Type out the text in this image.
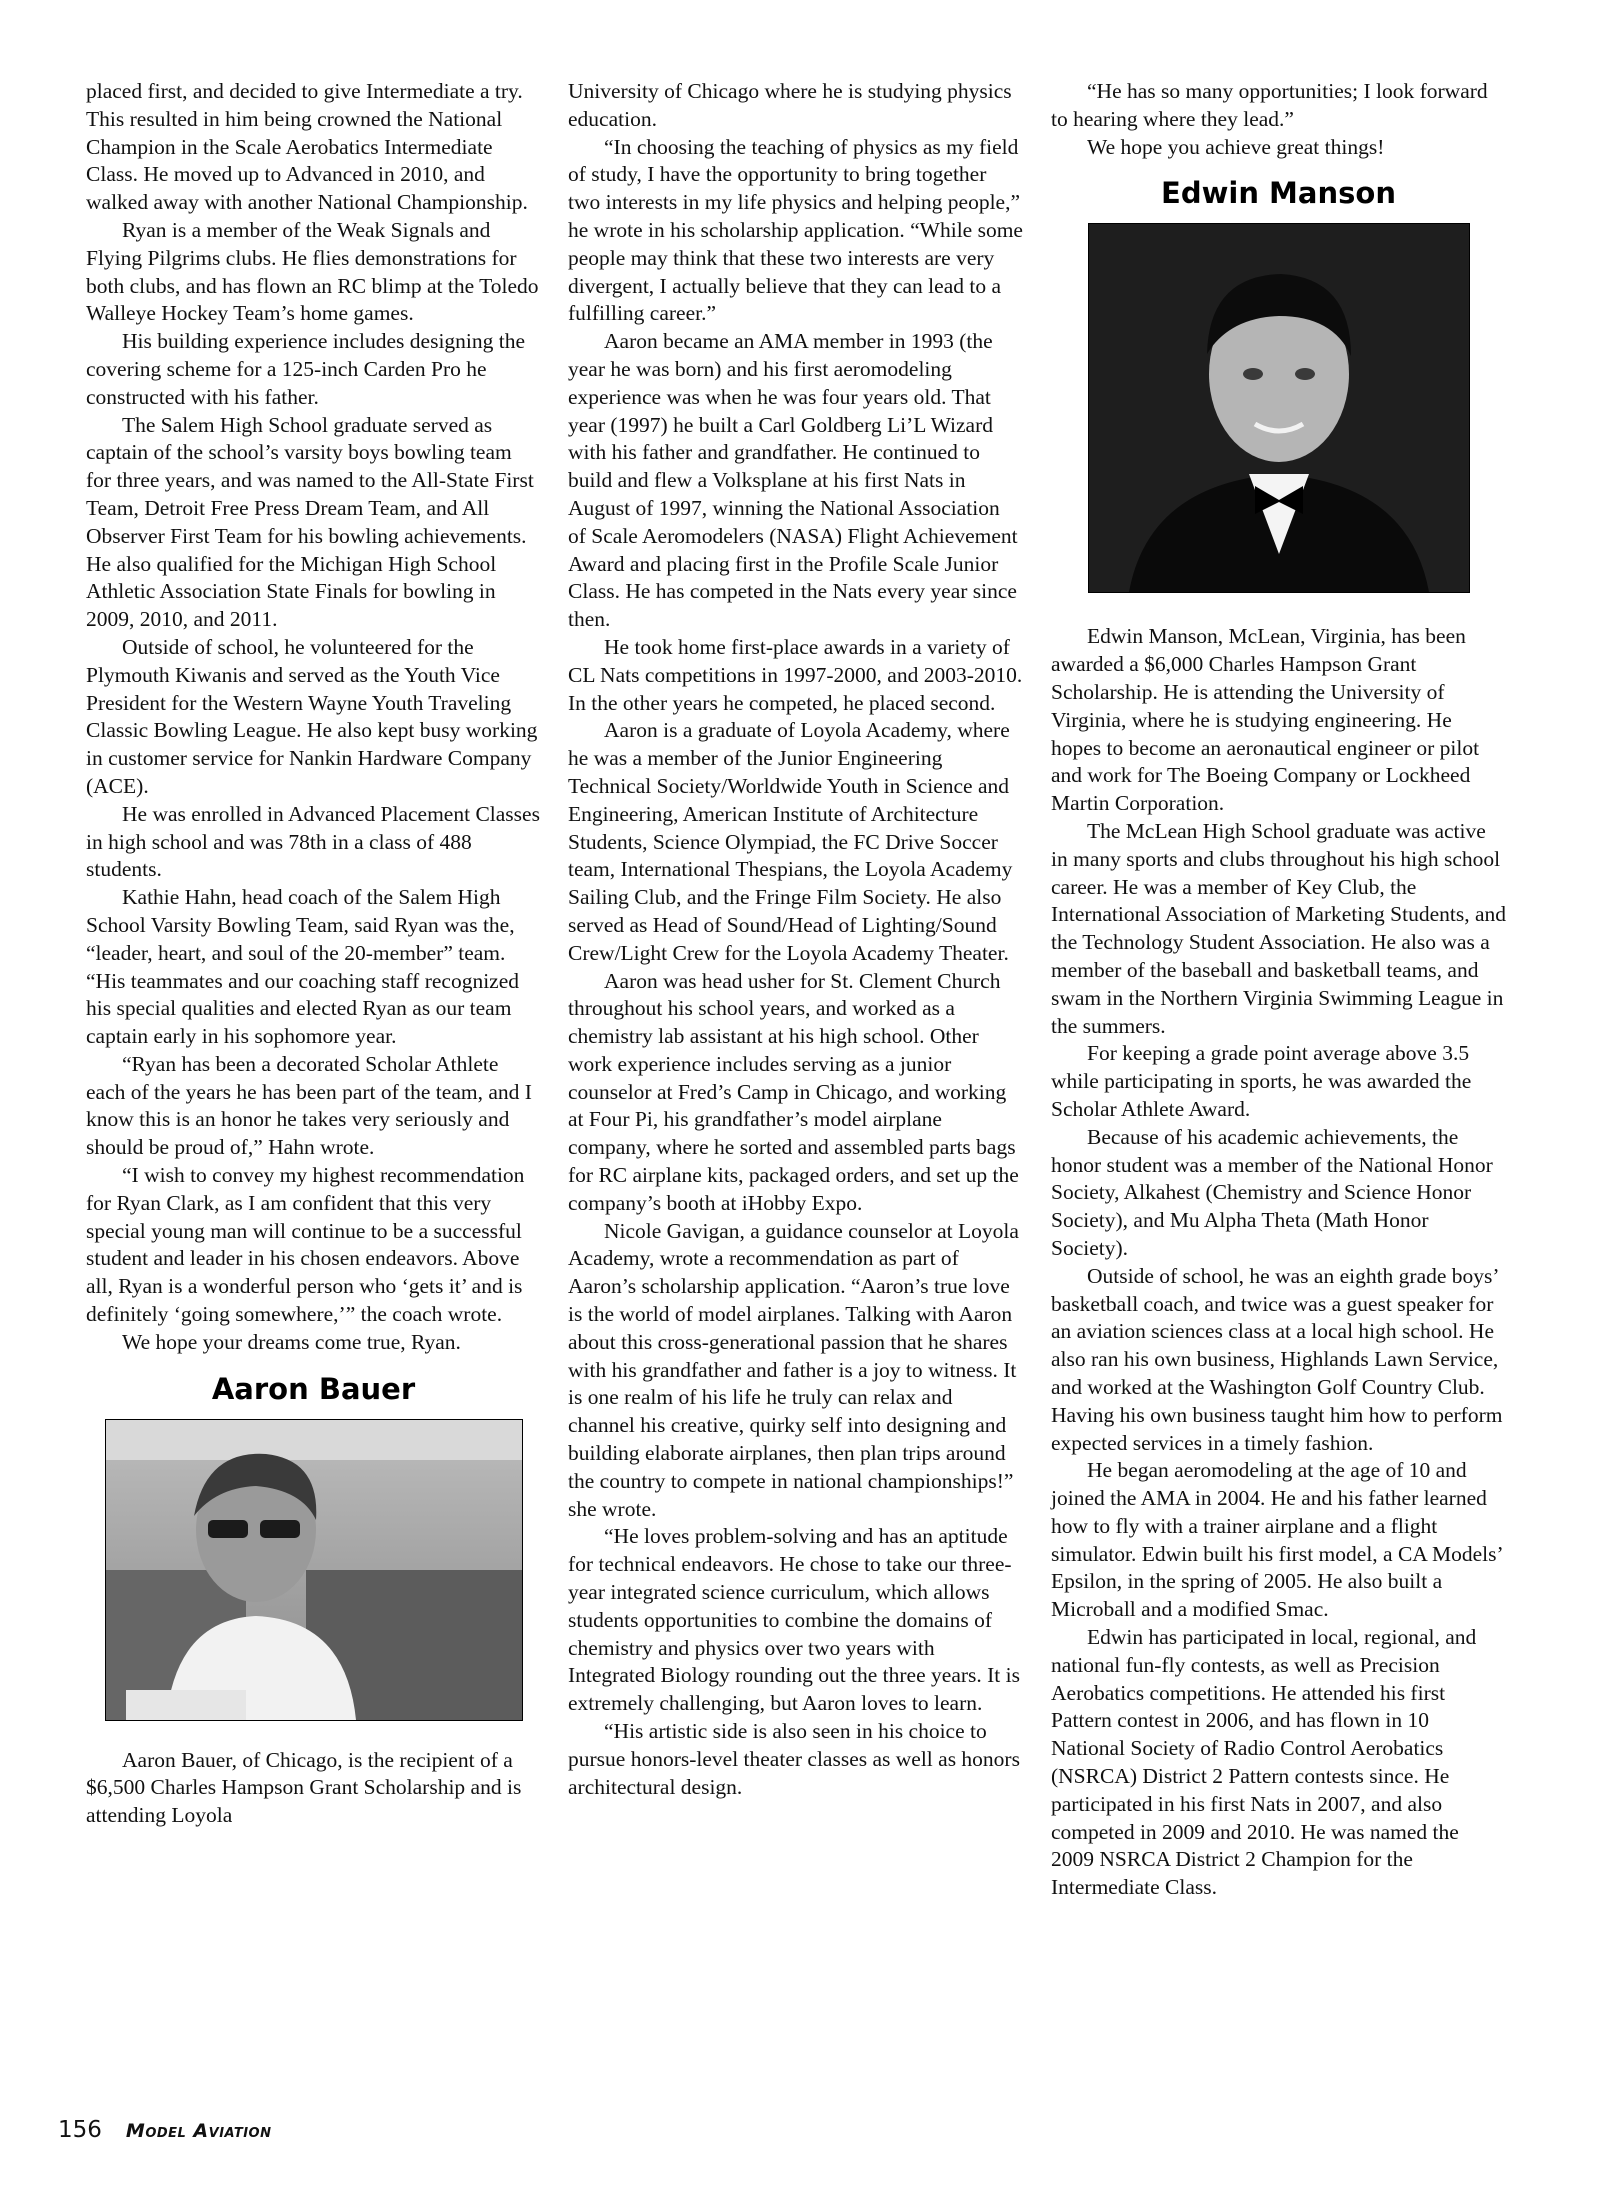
placed first, and decided to give Intermediate a try. This resulted in him being crowned the National Champion in the Scale Aerobatics Intermediate Class. He moved up to Advanced in 2010, and walked away with another National Championship.

Ryan is a member of the Weak Signals and Flying Pilgrims clubs. He flies demonstrations for both clubs, and has flown an RC blimp at the Toledo Walleye Hockey Team’s home games.

His building experience includes designing the covering scheme for a 125-inch Carden Pro he constructed with his father.

The Salem High School graduate served as captain of the school’s varsity boys bowling team for three years, and was named to the All-State First Team, Detroit Free Press Dream Team, and All Observer First Team for his bowling achievements. He also qualified for the Michigan High School Athletic Association State Finals for bowling in 2009, 2010, and 2011.

Outside of school, he volunteered for the Plymouth Kiwanis and served as the Youth Vice President for the Western Wayne Youth Traveling Classic Bowling League. He also kept busy working in customer service for Nankin Hardware Company (ACE).

He was enrolled in Advanced Placement Classes in high school and was 78th in a class of 488 students.

Kathie Hahn, head coach of the Salem High School Varsity Bowling Team, said Ryan was the, “leader, heart, and soul of the 20-member” team. “His teammates and our coaching staff recognized his special qualities and elected Ryan as our team captain early in his sophomore year.

“Ryan has been a decorated Scholar Athlete each of the years he has been part of the team, and I know this is an honor he takes very seriously and should be proud of,” Hahn wrote.

“I wish to convey my highest recommendation for Ryan Clark, as I am confident that this very special young man will continue to be a successful student and leader in his chosen endeavors. Above all, Ryan is a wonderful person who ‘gets it’ and is definitely ‘going somewhere,’” the coach wrote.

We hope your dreams come true, Ryan.

Aaron Bauer

Aaron Bauer, of Chicago, is the recipient of a $6,500 Charles Hampson Grant Scholarship and is attending Loyola

University of Chicago where he is studying physics education.

“In choosing the teaching of physics as my field of study, I have the opportunity to bring together two interests in my life physics and helping people,” he wrote in his scholarship application. “While some people may think that these two interests are very divergent, I actually believe that they can lead to a fulfilling career.”

Aaron became an AMA member in 1993 (the year he was born) and his first aeromodeling experience was when he was four years old. That year (1997) he built a Carl Goldberg Li’L Wizard with his father and grandfather. He continued to build and flew a Volksplane at his first Nats in August of 1997, winning the National Association of Scale Aeromodelers (NASA) Flight Achievement Award and placing first in the Profile Scale Junior Class. He has competed in the Nats every year since then.

He took home first-place awards in a variety of CL Nats competitions in 1997-2000, and 2003-2010. In the other years he competed, he placed second.

Aaron is a graduate of Loyola Academy, where he was a member of the Junior Engineering Technical Society/Worldwide Youth in Science and Engineering, American Institute of Architecture Students, Science Olympiad, the FC Drive Soccer team, International Thespians, the Loyola Academy Sailing Club, and the Fringe Film Society. He also served as Head of Sound/Head of Lighting/Sound Crew/Light Crew for the Loyola Academy Theater.

Aaron was head usher for St. Clement Church throughout his school years, and worked as a chemistry lab assistant at his high school. Other work experience includes serving as a junior counselor at Fred’s Camp in Chicago, and working at Four Pi, his grandfather’s model airplane company, where he sorted and assembled parts bags for RC airplane kits, packaged orders, and set up the company’s booth at iHobby Expo.

Nicole Gavigan, a guidance counselor at Loyola Academy, wrote a recommendation as part of Aaron’s scholarship application. “Aaron’s true love is the world of model airplanes. Talking with Aaron about this cross-generational passion that he shares with his grandfather and father is a joy to witness. It is one realm of his life he truly can relax and channel his creative, quirky self into designing and building elaborate airplanes, then plan trips around the country to compete in national championships!” she wrote.

“He loves problem-solving and has an aptitude for technical endeavors. He chose to take our three-year integrated science curriculum, which allows students opportunities to combine the domains of chemistry and physics over two years with Integrated Biology rounding out the three years. It is extremely challenging, but Aaron loves to learn.

“His artistic side is also seen in his choice to pursue honors-level theater classes as well as honors architectural design.

“He has so many opportunities; I look forward to hearing where they lead.”

We hope you achieve great things!

Edwin Manson

Edwin Manson, McLean, Virginia, has been awarded a $6,000 Charles Hampson Grant Scholarship. He is attending the University of Virginia, where he is studying engineering. He hopes to become an aeronautical engineer or pilot and work for The Boeing Company or Lockheed Martin Corporation.

The McLean High School graduate was active in many sports and clubs throughout his high school career. He was a member of Key Club, the International Association of Marketing Students, and the Technology Student Association. He also was a member of the baseball and basketball teams, and swam in the Northern Virginia Swimming League in the summers.

For keeping a grade point average above 3.5 while participating in sports, he was awarded the Scholar Athlete Award.

Because of his academic achievements, the honor student was a member of the National Honor Society, Alkahest (Chemistry and Science Honor Society), and Mu Alpha Theta (Math Honor Society).

Outside of school, he was an eighth grade boys’ basketball coach, and twice was a guest speaker for an aviation sciences class at a local high school. He also ran his own business, Highlands Lawn Service, and worked at the Washington Golf Country Club. Having his own business taught him how to perform expected services in a timely fashion.

He began aeromodeling at the age of 10 and joined the AMA in 2004. He and his father learned how to fly with a trainer airplane and a flight simulator. Edwin built his first model, a CA Models’ Epsilon, in the spring of 2005. He also built a Microball and a modified Smac.

Edwin has participated in local, regional, and national fun-fly contests, as well as Precision Aerobatics competitions. He attended his first Pattern contest in 2006, and has flown in 10 National Society of Radio Control Aerobatics (NSRCA) District 2 Pattern contests since. He participated in his first Nats in 2007, and also competed in 2009 and 2010. He was named the 2009 NSRCA District 2 Champion for the Intermediate Class.

156 Model Aviation
